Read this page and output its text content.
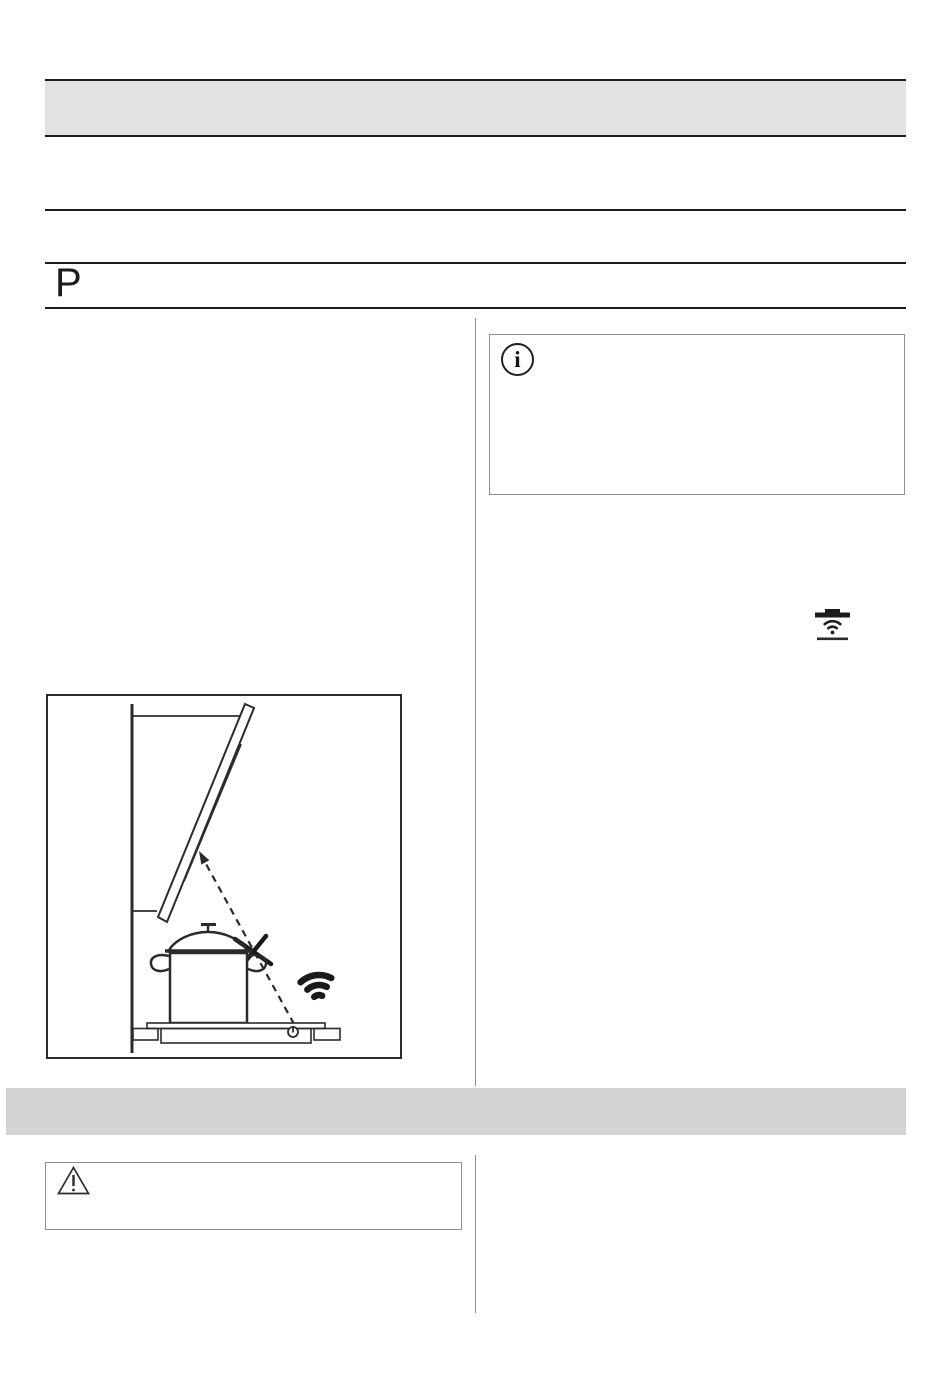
P
i
